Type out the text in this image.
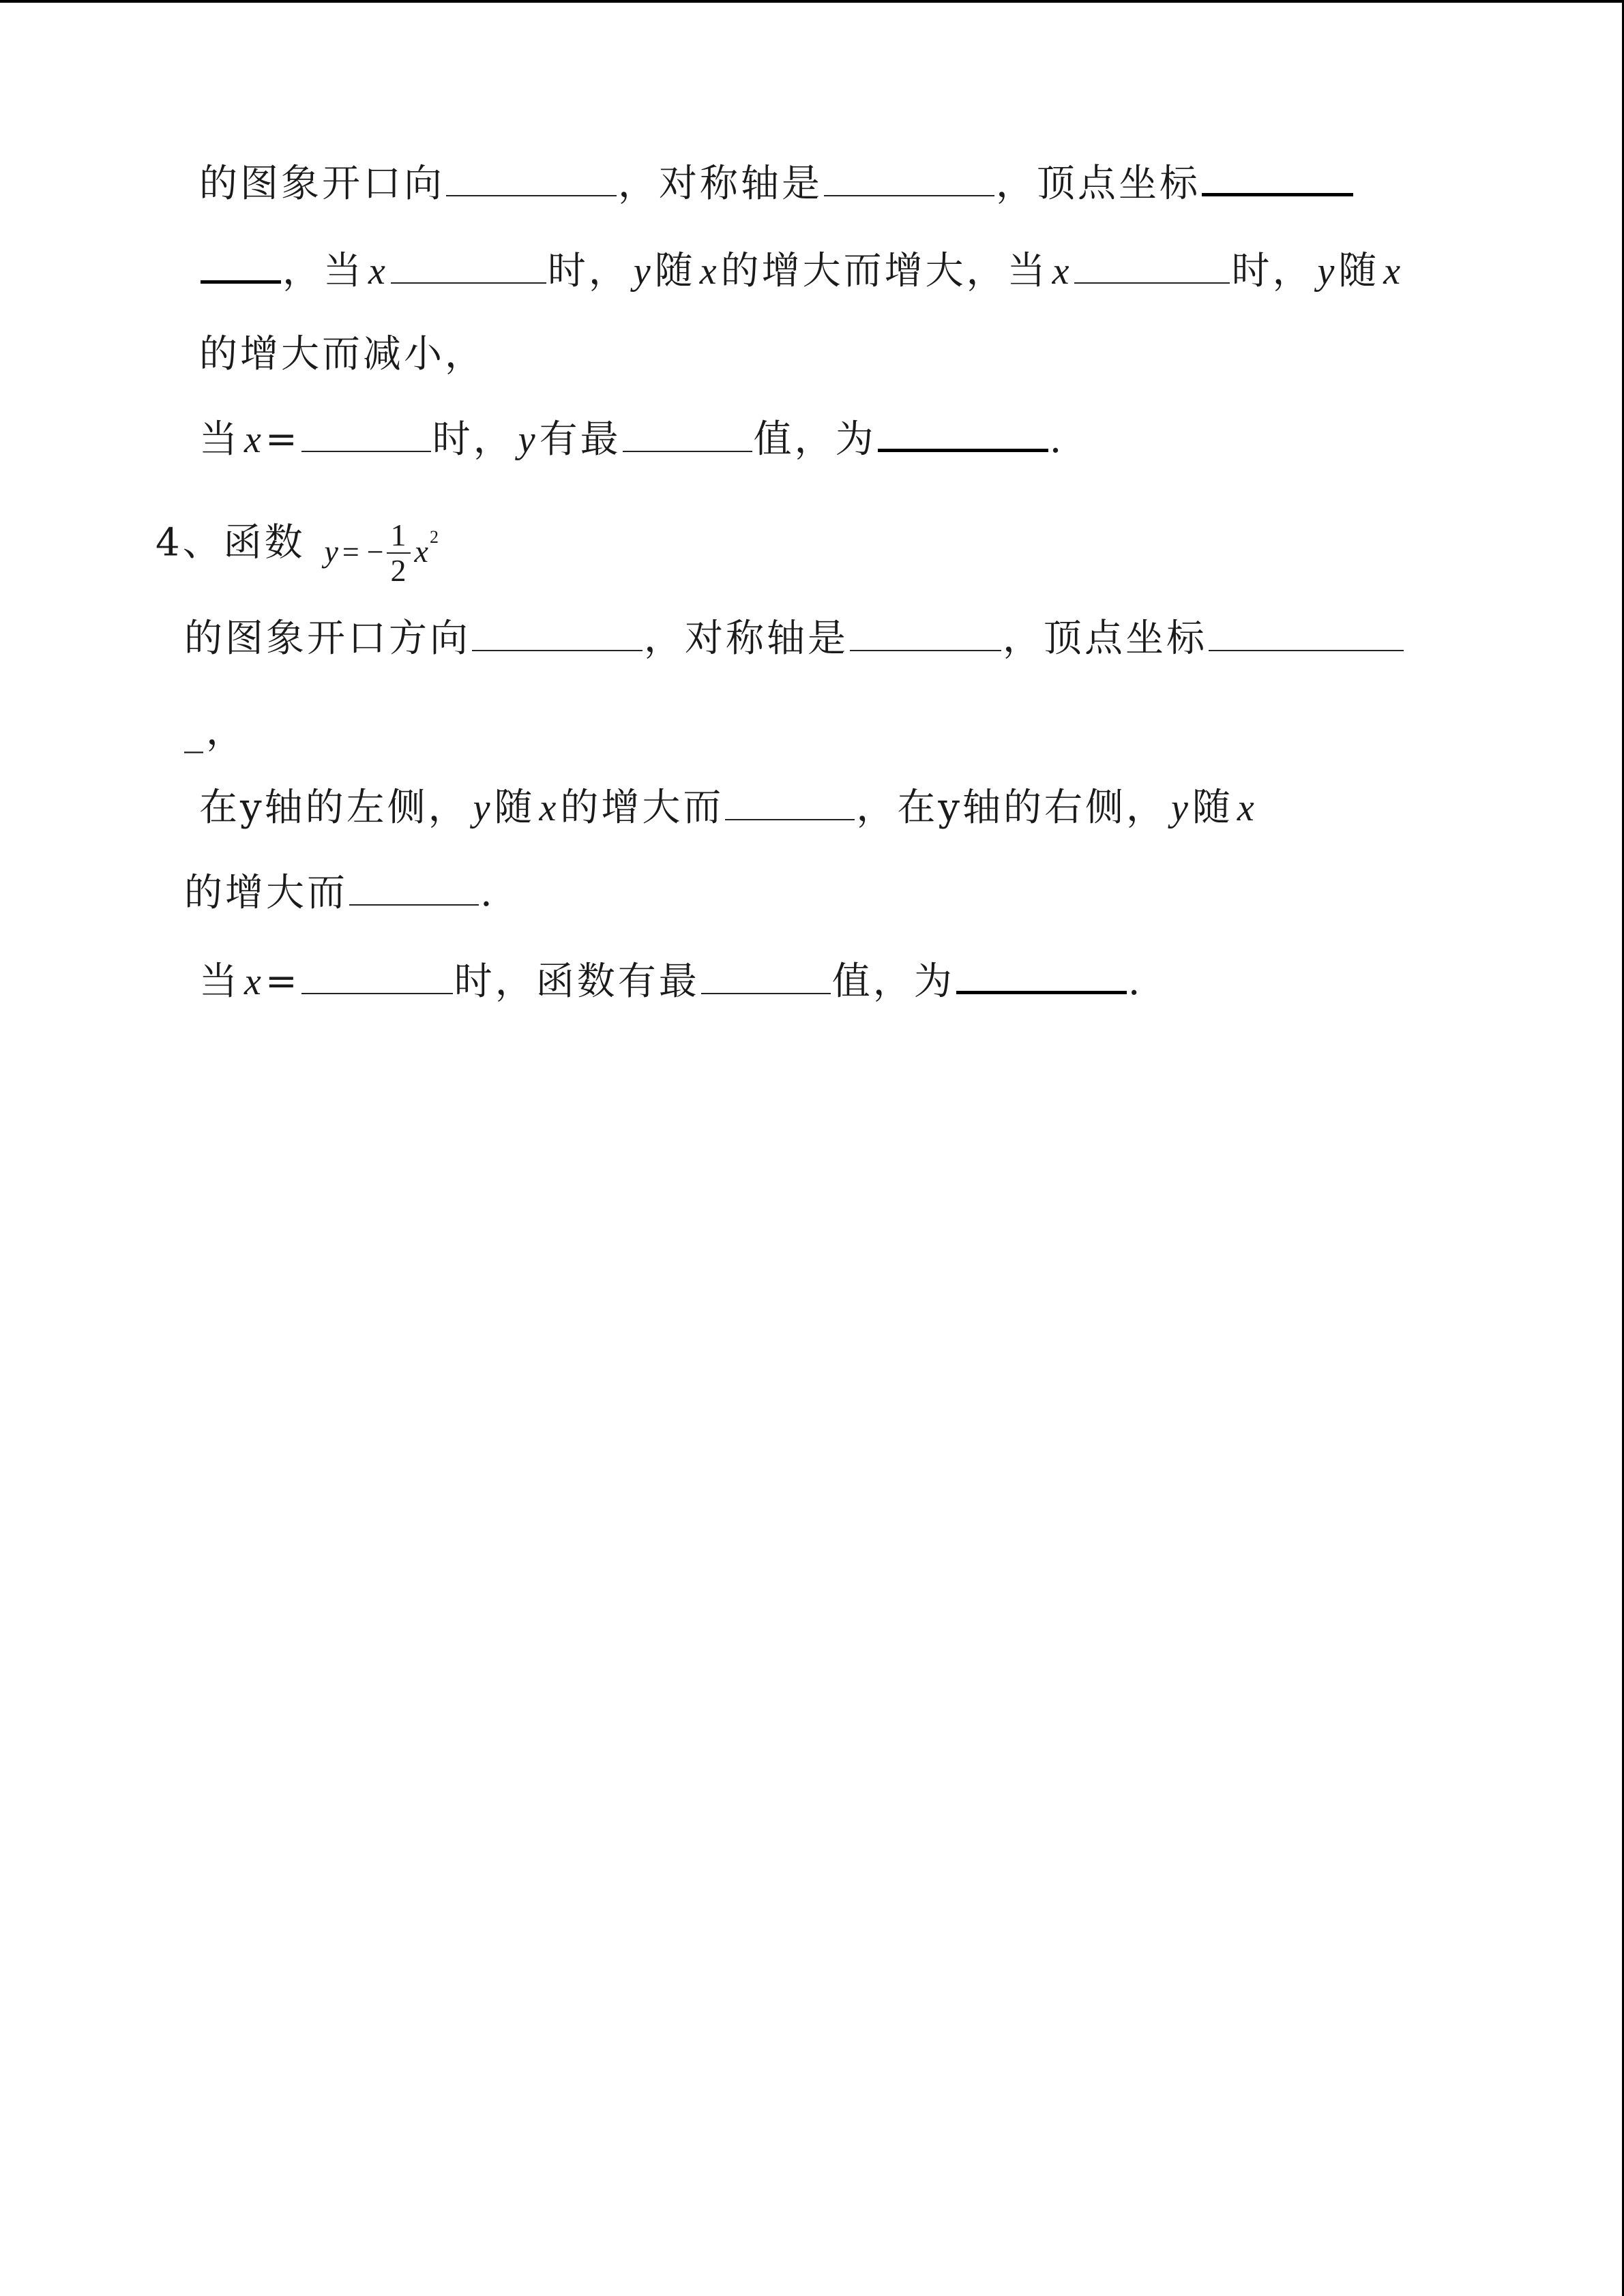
的图象开口向	，对称轴是	，顶点坐标
，当 x	时， y 随 x 的增大而增大，当 x	时， y 随 x
的增大而减小，
当 x =	时， y 有最	值，为	.
4、函数 y = − $\frac{1}{2} x^2$
的图象开口方向	，对称轴是	，顶点坐标
_，
在y轴的左侧， y 随 x 的增大而	，在y轴的右侧， y 随 x
的增大而	.
当 x =	时，函数有最	值，为	.
